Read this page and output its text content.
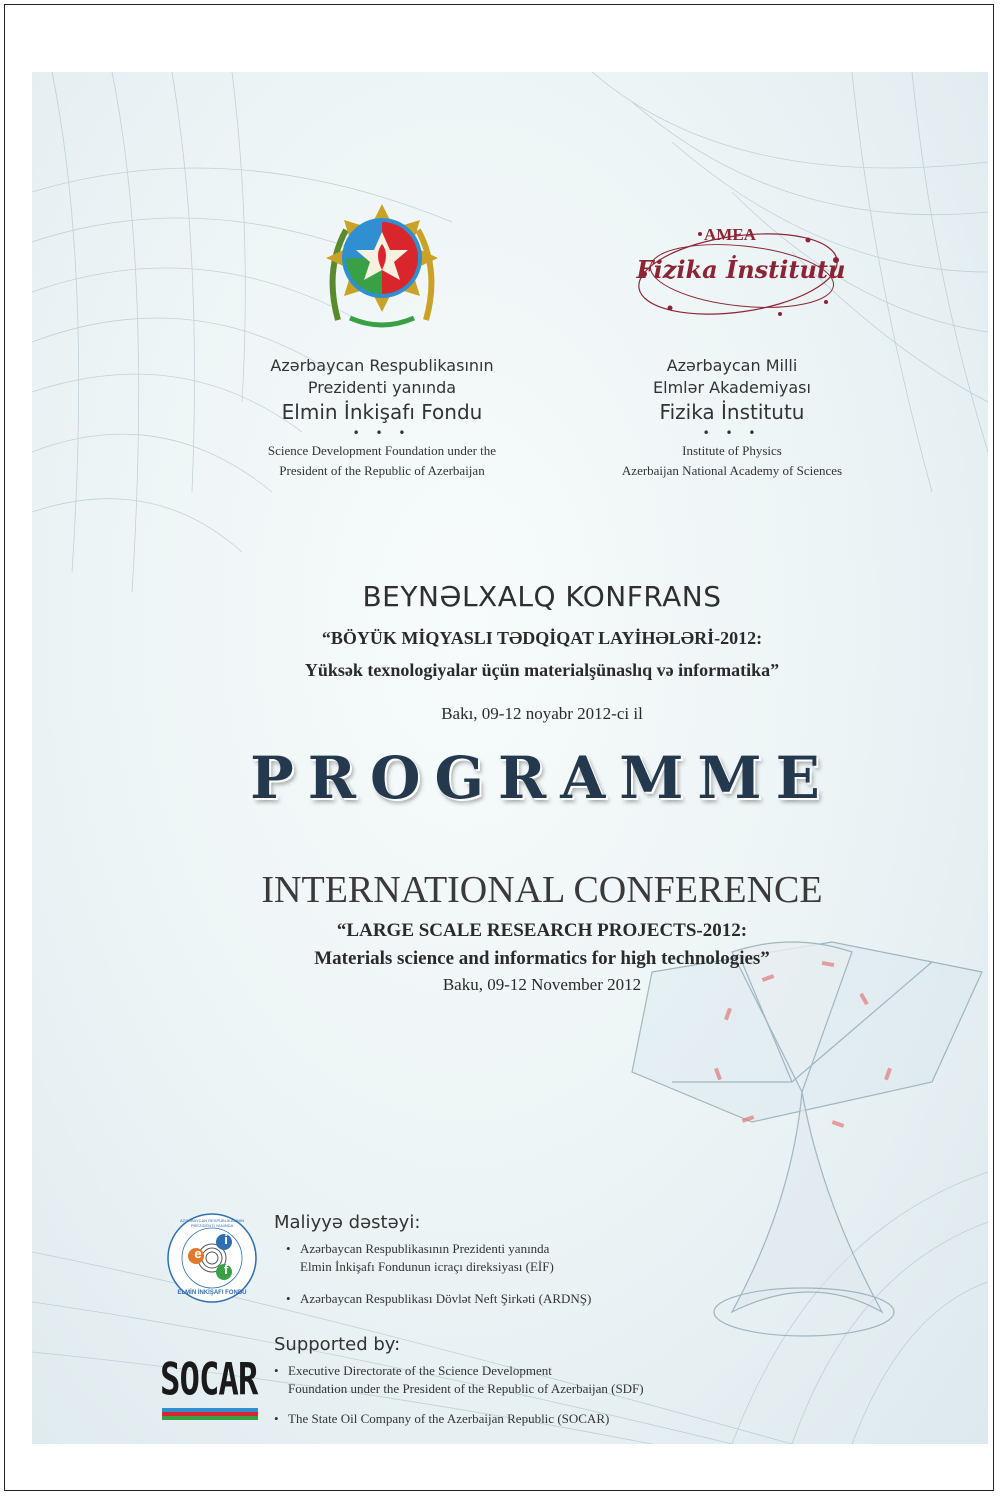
AMEA
Fizika İnstitutu
Azərbaycan Respublikasının
Prezidenti yanında
Elmin İnkişafı Fondu
• • •
Science Development Foundation under the
President of the Republic of Azerbaijan
Azərbaycan Milli
Elmlər Akademiyası
Fizika İnstitutu
• • •
Institute of Physics
Azerbaijan National Academy of Sciences
BEYNƏLXALQ KONFRANS
“BÖYÜK MİQYASLI TƏDQİQAT LAYİHƏLƏRİ-2012:
Yüksək texnologiyalar üçün materialşünaslıq və informatika”
Bakı, 09-12 noyabr 2012-ci il
PROGRAMME
INTERNATIONAL CONFERENCE
“LARGE SCALE RESEARCH PROJECTS-2012:
Materials science and informatics for high technologies”
Baku, 09-12 November 2012
e
i
f
ELMİN İNKİŞAFI FONDU
AZƏRBAYCAN RESPUBLİKASININ PREZİDENTİ YANINDA	Maliyyə dəstəyi:
• Azərbaycan Respublikasının Prezidenti yanında
Elmin İnkişafı Fondunun icraçı direksiyası (EİF)
• Azərbaycan Respublikası Dövlət Neft Şirkəti (ARDNŞ)
SOCAR
Supported by:
• Executive Directorate of the Science Development
Foundation under the President of the Republic of Azerbaijan (SDF)
• The State Oil Company of the Azerbaijan Republic (SOCAR)
